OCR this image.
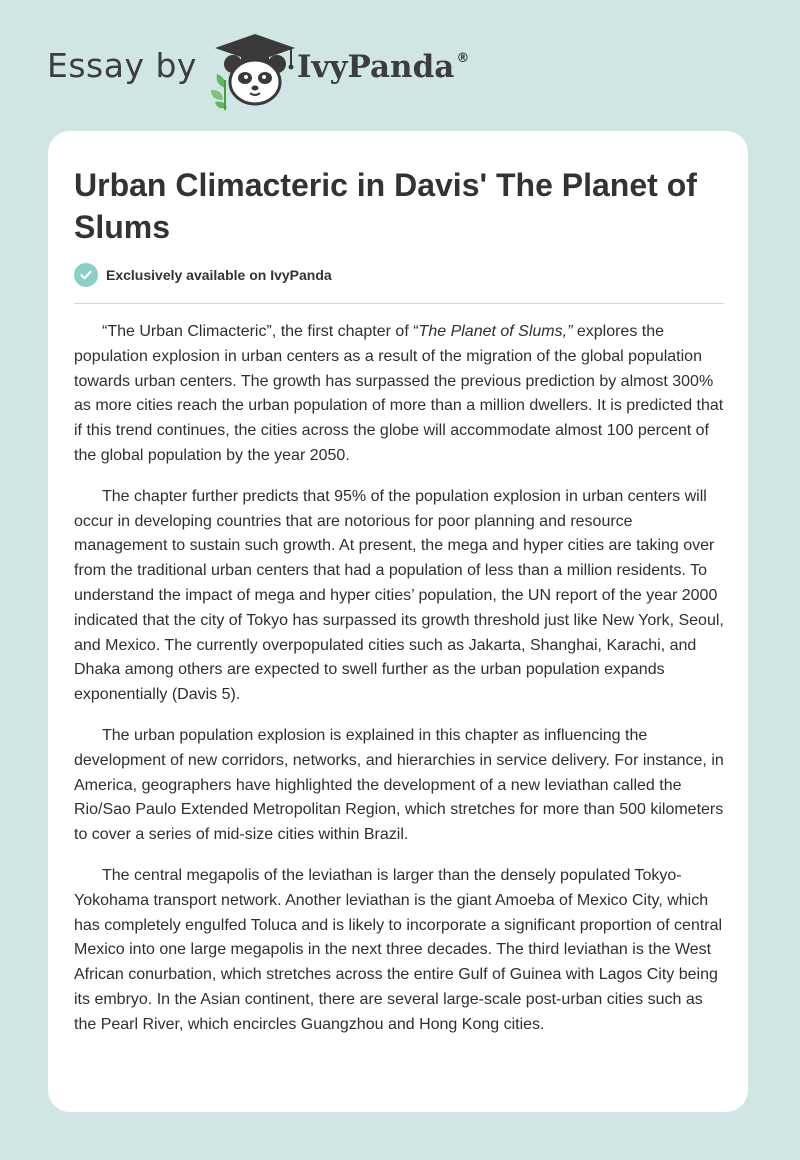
Essay by	IvyPanda ®
Urban Climacteric in Davis' The Planet of Slums
Exclusively available on IvyPanda

“The Urban Climacteric”, the first chapter of “The Planet of Slums,” explores the population explosion in urban centers as a result of the migration of the global population towards urban centers. The growth has surpassed the previous prediction by almost 300% as more cities reach the urban population of more than a million dwellers. It is predicted that if this trend continues, the cities across the globe will accommodate almost 100 percent of the global population by the year 2050.

The chapter further predicts that 95% of the population explosion in urban centers will occur in developing countries that are notorious for poor planning and resource management to sustain such growth. At present, the mega and hyper cities are taking over from the traditional urban centers that had a population of less than a million residents. To understand the impact of mega and hyper cities’ population, the UN report of the year 2000 indicated that the city of Tokyo has surpassed its growth threshold just like New York, Seoul, and Mexico. The currently overpopulated cities such as Jakarta, Shanghai, Karachi, and Dhaka among others are expected to swell further as the urban population expands exponentially (Davis 5).

The urban population explosion is explained in this chapter as influencing the development of new corridors, networks, and hierarchies in service delivery. For instance, in America, geographers have highlighted the development of a new leviathan called the Rio/Sao Paulo Extended Metropolitan Region, which stretches for more than 500 kilometers to cover a series of mid-size cities within Brazil.

The central megapolis of the leviathan is larger than the densely populated Tokyo-Yokohama transport network. Another leviathan is the giant Amoeba of Mexico City, which has completely engulfed Toluca and is likely to incorporate a significant proportion of central Mexico into one large megapolis in the next three decades. The third leviathan is the West African conurbation, which stretches across the entire Gulf of Guinea with Lagos City being its embryo. In the Asian continent, there are several large-scale post-urban cities such as the Pearl River, which encircles Guangzhou and Hong Kong cities.
